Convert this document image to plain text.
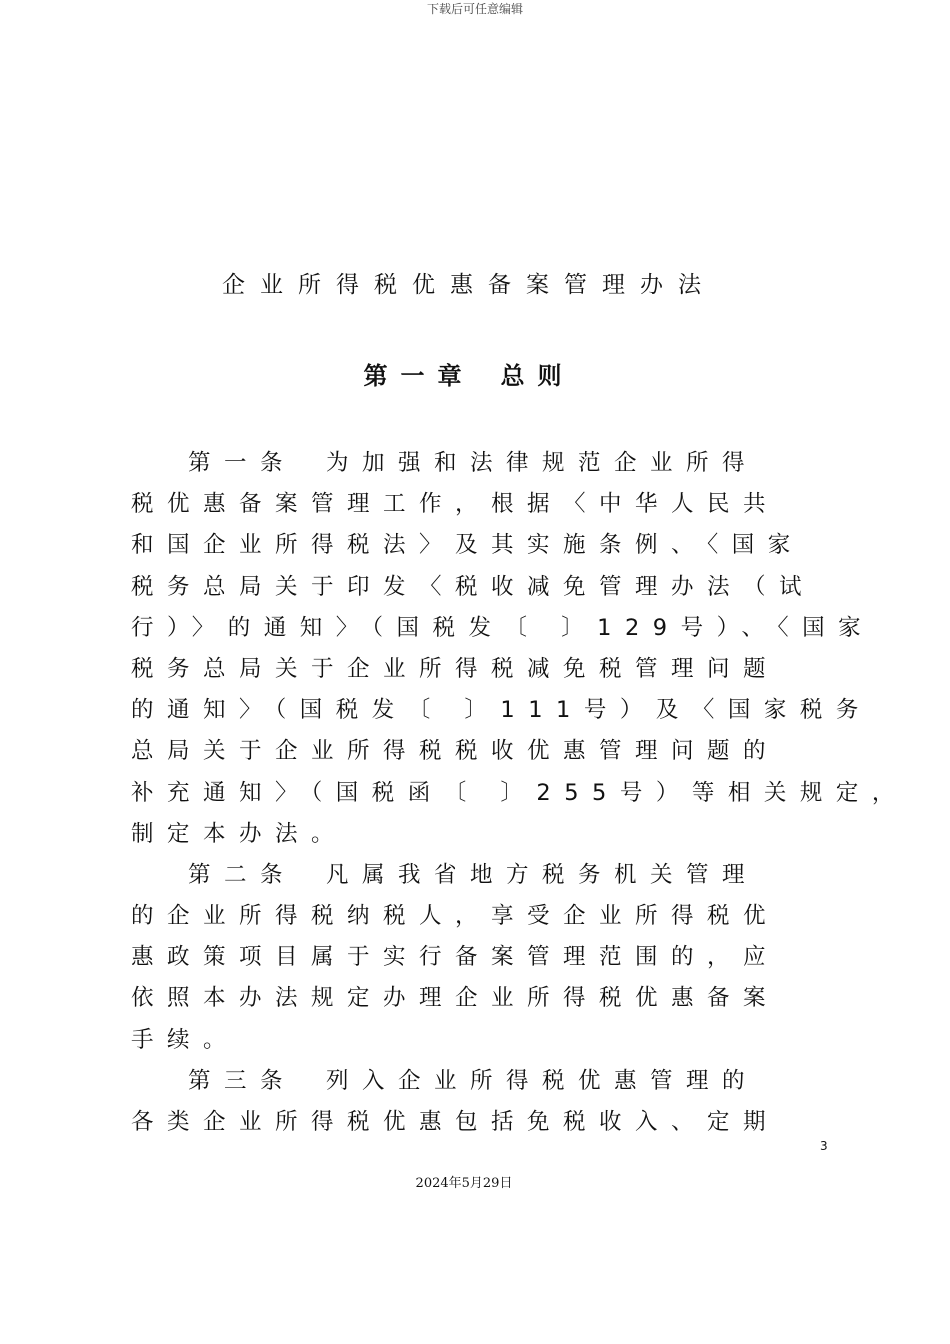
下载后可任意编辑
企业所得税优惠备案管理办法
第一章 总则
第一条 为加强和法律规范企业所得
税优惠备案管理工作，根据〈中华人民共
和国企业所得税法〉及其实施条例、〈国家
税务总局关于印发〈税收减免管理办法（试
行）〉的通知〉（国税发〔 〕129号）、〈国家
税务总局关于企业所得税减免税管理问题
的通知〉（国税发〔 〕111号）及〈国家税务
总局关于企业所得税税收优惠管理问题的
补充通知〉（国税函〔 〕255号）等相关规定，
制定本办法。
第二条 凡属我省地方税务机关管理
的企业所得税纳税人，享受企业所得税优
惠政策项目属于实行备案管理范围的，应
依照本办法规定办理企业所得税优惠备案
手续。
第三条 列入企业所得税优惠管理的
各类企业所得税优惠包括免税收入、定期
3
2024年5月29日
